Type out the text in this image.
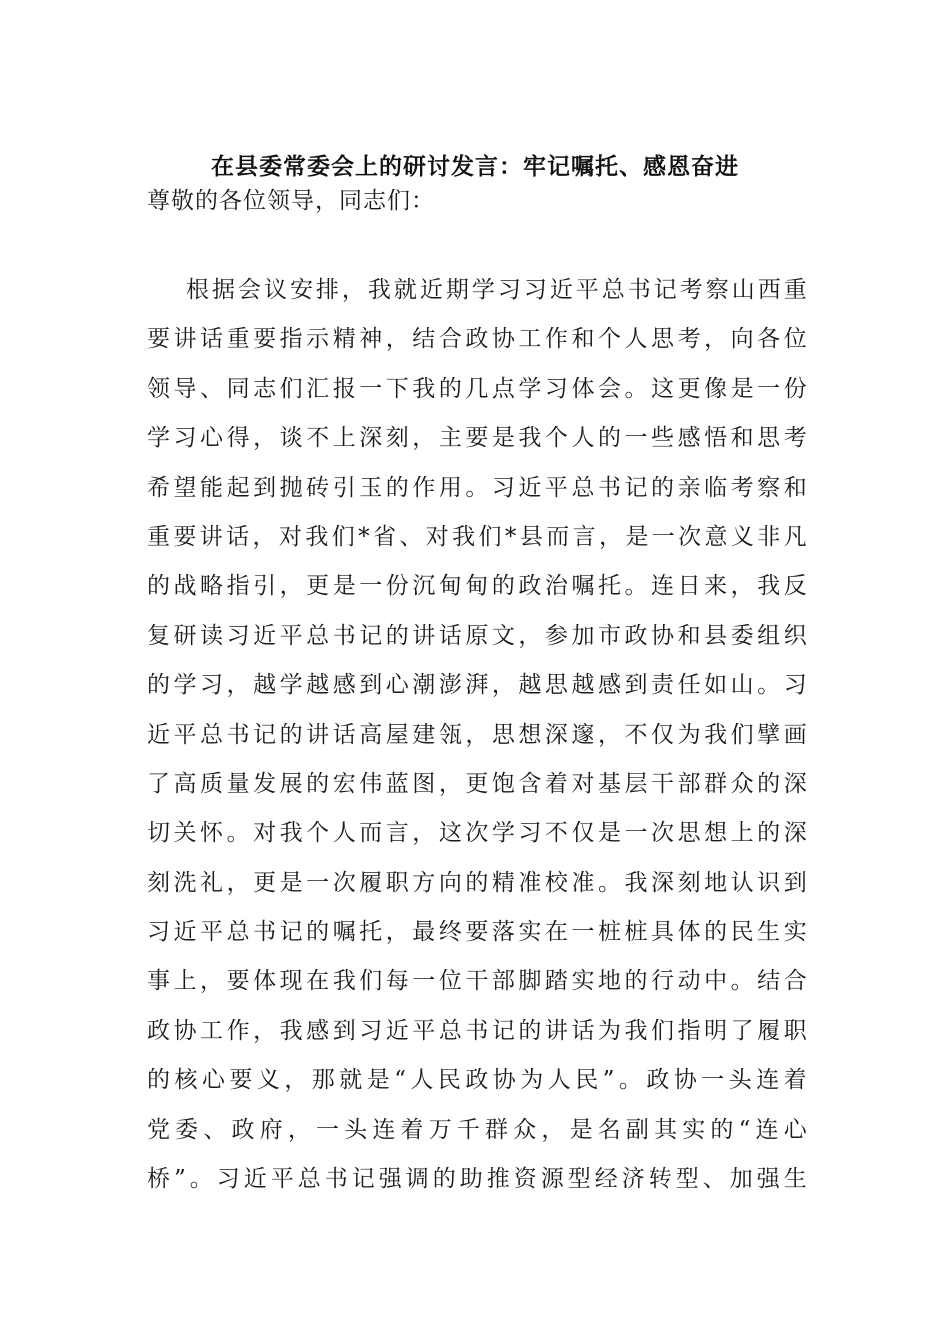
在县委常委会上的研讨发言：牢记嘱托、感恩奋进
尊敬的各位领导，同志们：
根据会议安排，我就近期学习习近平总书记考察山西重
要讲话重要指示精神，结合政协工作和个人思考，向各位
领导、同志们汇报一下我的几点学习体会。这更像是一份
学习心得，谈不上深刻，主要是我个人的一些感悟和思考
希望能起到抛砖引玉的作用。习近平总书记的亲临考察和
重要讲话，对我们*省、对我们*县而言，是一次意义非凡
的战略指引，更是一份沉甸甸的政治嘱托。连日来，我反
复研读习近平总书记的讲话原文，参加市政协和县委组织
的学习，越学越感到心潮澎湃，越思越感到责任如山。习
近平总书记的讲话高屋建瓴，思想深邃，不仅为我们擘画
了高质量发展的宏伟蓝图，更饱含着对基层干部群众的深
切关怀。对我个人而言，这次学习不仅是一次思想上的深
刻洗礼，更是一次履职方向的精准校准。我深刻地认识到
习近平总书记的嘱托，最终要落实在一桩桩具体的民生实
事上，要体现在我们每一位干部脚踏实地的行动中。结合
政协工作，我感到习近平总书记的讲话为我们指明了履职
的核心要义，那就是“人民政协为人民”。政协一头连着
党委、政府，一头连着万千群众，是名副其实的“连心
桥”。习近平总书记强调的助推资源型经济转型、加强生
